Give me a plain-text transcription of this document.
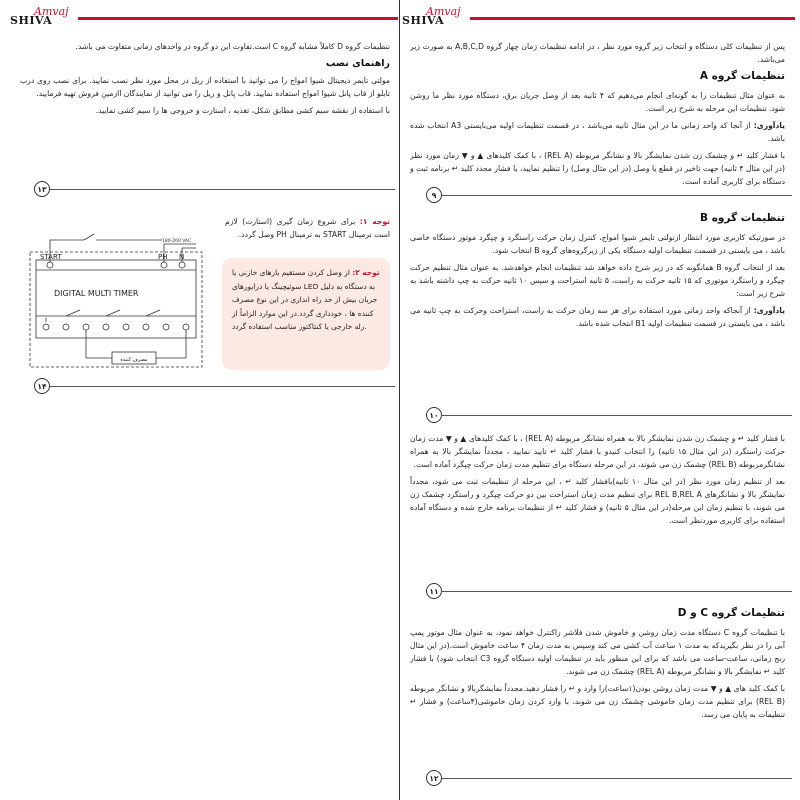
SHIVA
Amvaj
SHIVA
Amvaj

پس از تنظیمات کلی دستگاه و انتخاب زیر گروه مورد نظر ، در ادامه تنظیمات زمان چهار گروه A,B,C,D به صورت زیر می‌باشد.

تنظیمات گروه A

به عنوان مثال تنظیمات را به گونه‌ای انجام می‌دهیم که ۴ ثانیه بعد از وصل جریان برق، دستگاه مورد نظر ما روشن شود. تنظیمات این مرحله به شرح زیر است.

یادآوری: از آنجا که واحد زمانی ما در این مثال ثانیه می‌باشد ، در قسمت تنظیمات اولیه می‌بایستی A3 انتخاب شده باشد.

با فشار کلید ↵ و چشمک زن شدن نمایشگر بالا و نشانگر مربوطه (REL A) ، با کمک کلیدهای ▲ و ▼ زمان مورد نظر (در این مثال ۴ ثانیه) جهت تاخیر در قطع یا وصل (در این مثال وصل) را تنظیم نمایید، با فشار مجدد کلید ↵ برنامه ثبت و دستگاه برای کاربری آماده است.

۹
تنظیمات گروه B

در صورتیکه کاربری مورد انتظار ازتولتی تایمر شیوا امواج، کنترل زمان حرکت راستگرد و چپگرد موتور دستگاه خاصی باشد ، می بایستی در قسمت تنظیمات اولیه دستگاه یکی از زیرگروه‌های گروه B انتخاب شود.

بعد از انتخاب گروه B همانگونه که در زیر شرح داده خواهد شد تنظیمات انجام خواهدشد. به عنوان مثال تنظیم حرکت چپگرد و راستگرد موتوری که ۱۵ ثانیه حرکت به راست، ۵ ثانیه استراحت و سپس ۱۰ ثانیه حرکت به چپ داشته باشد به شرح زیر است:

یادآوری: از آنجاکه واحد زمانی مورد استفاده برای هر سه زمان حرکت به راست، استراحت وحرکت به چپ ثانیه می باشد ، می بایستی در قسمت تنظیمات اولیه B1 انتخاب شده باشد.

۱۰

با فشار کلید ↵ و چشمک زن شدن نمایشگر بالا به همراه نشانگر مربوطه (REL A) ، با کمک کلیدهای ▲ و ▼ مدت زمان حرکت راستگرد (در این مثال ۱۵ ثانیه) را انتخاب کنیدو با فشار کلید ↵ تایید نمایید ، مجدداً نمایشگر بالا به همراه نشانگرمربوطه (REL B) چشمک زن می شوند، در این مرحله دستگاه برای تنظیم مدت زمان حرکت چپگرد آماده است.

بعد از تنظیم زمان مورد نظر (در این مثال ۱۰ ثانیه)بافشار کلید ↵ ، این مرحله از تنظیمات ثبت می شود، مجدداً نمایشگر بالا و نشانگرهای REL B,REL A برای تنظیم مدت زمان استراحت بین دو حرکت چپگرد و راستگرد چشمک زن می شوند، با تنظیم زمان این مرحله(در این مثال ۵ ثانیه) و فشار کلید ↵ از تنظیمات برنامه خارج شده و دستگاه آماده استفاده برای کاربری موردنظر است.

۱۱
تنظیمات گروه C و D

با تنظیمات گروه C دستگاه مدت زمان روشن و خاموش شدن فلاشر راکنترل خواهد نمود، به عنوان مثال موتور پمپ آبی را در نظر بگیریدکه به مدت ۱ ساعت آب کشی می کند وسپس به مدت زمان ۴ ساعت خاموش است.(در این مثال رنج زمانی، ساعت-ساعت می باشد که برای این منظور باید در تنظیمات اولیه دستگاه گروه C3 انتخاب شود) با فشار کلید ↵ نمایشگر بالا و نشانگر مربوطه (REL A) چشمک زن می شوند.

با کمک کلید های ▲ و ▼ مدت زمان روشن بودن(۱ساعت)را وارد و ↵ را فشار دهید.مجدداً نمایشگربالا و نشانگر مربوطه (REL B) برای تنظیم مدت زمان خاموشی چشمک زن می شوند، با وارد کردن زمان خاموشی(۴ساعت) و فشار ↵ تنظیمات به پایان می رسد.

۱۲

تنظیمات گروه D کاملاً مشابه گروه C است.تفاوت این دو گروه در واحدهای زمانی متفاوت می باشد.

راهنمای نصب

مولتی تایمر دیجیتال شیوا امواج را می توانید با استفاده از ریل در محل مورد نظر نصب نمایید. برای نصب روی درب تابلو از قاب پانل شیوا امواج استفاده نمایید. قاب پانل و ریل را می توانید از نمایندگان اازمین فروش تهیه فرمایید.

با استفاده از نقشه سیم کشی مطابق شکل، تغذیه ، استارت و خروجی ها را سیم کشی نمایید.

۱۳

توجه ۱: برای شروع زمان گیری (استارت) لازم است ترمینال START به ترمینال PH وصل گردد.

180-260 VAC
START	PH N
DIGITAL MULTI TIMER
مصرف کننده

توجه ۲: از وصل کردن مستقیم بارهای خازنی یا سوئیچینگ یا درایورهای LED به دستگاه به دلیل جریان بیش از حد راه اندازی در این نوع مصرف کننده ها ، خودداری گردد.در این موارد الزاماً از رله خارجی یا کنتاکتور مناسب استفاده گردد.

۱۴
